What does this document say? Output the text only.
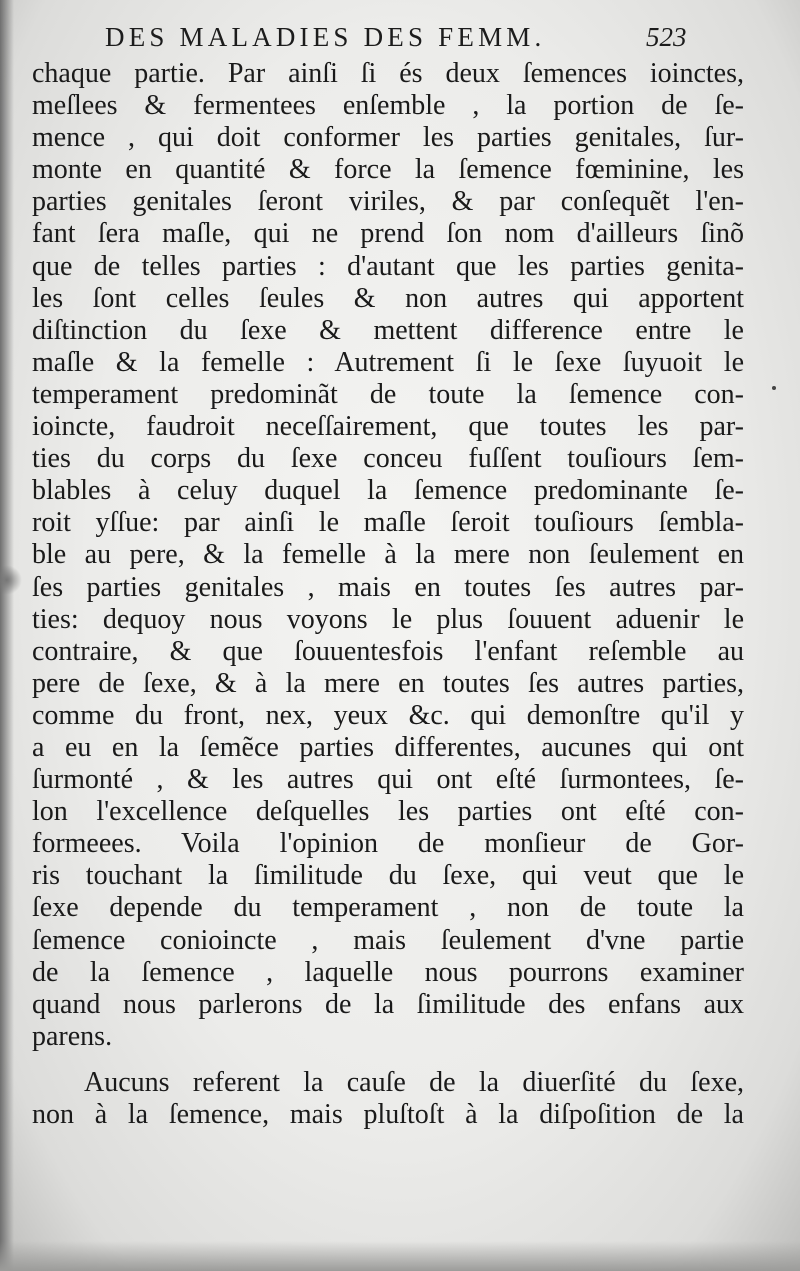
DES MALADIES DES FEMM.	523
chaque partie. Par ainſi ſi és deux ſemences ioinctes,
meſlees & fermentees enſemble , la portion de ſe-
mence , qui doit conformer les parties genitales, ſur-
monte en quantité & force la ſemence fœminine, les
parties genitales ſeront viriles, & par conſequẽt l'en-
fant ſera maſle, qui ne prend ſon nom d'ailleurs ſinõ
que de telles parties : d'autant que les parties genita-
les ſont celles ſeules & non autres qui apportent
diſtinction du ſexe & mettent difference entre le
maſle & la femelle : Autrement ſi le ſexe ſuyuoit le
temperament predominãt de toute la ſemence con-
ioincte, faudroit neceſſairement, que toutes les par-
ties du corps du ſexe conceu fuſſent touſiours ſem-
blables à celuy duquel la ſemence predominante ſe-
roit yſſue: par ainſi le maſle ſeroit touſiours ſembla-
ble au pere, & la femelle à la mere non ſeulement en
ſes parties genitales , mais en toutes ſes autres par-
ties: dequoy nous voyons le plus ſouuent aduenir le
contraire, & que ſouuentesfois l'enfant reſemble au
pere de ſexe, & à la mere en toutes ſes autres parties,
comme du front, nex, yeux &c. qui demonſtre qu'il y
a eu en la ſemẽce parties differentes, aucunes qui ont
ſurmonté , & les autres qui ont eſté ſurmontees, ſe-
lon l'excellence deſquelles les parties ont eſté con-
formeees. Voila l'opinion de monſieur de Gor-
ris touchant la ſimilitude du ſexe, qui veut que le
ſexe depende du temperament , non de toute la
ſemence conioincte , mais ſeulement d'vne partie
de la ſemence , laquelle nous pourrons examiner
quand nous parlerons de la ſimilitude des enfans aux
parens.
Aucuns referent la cauſe de la diuerſité du ſexe,
non à la ſemence, mais pluſtoſt à la diſpoſition de la
